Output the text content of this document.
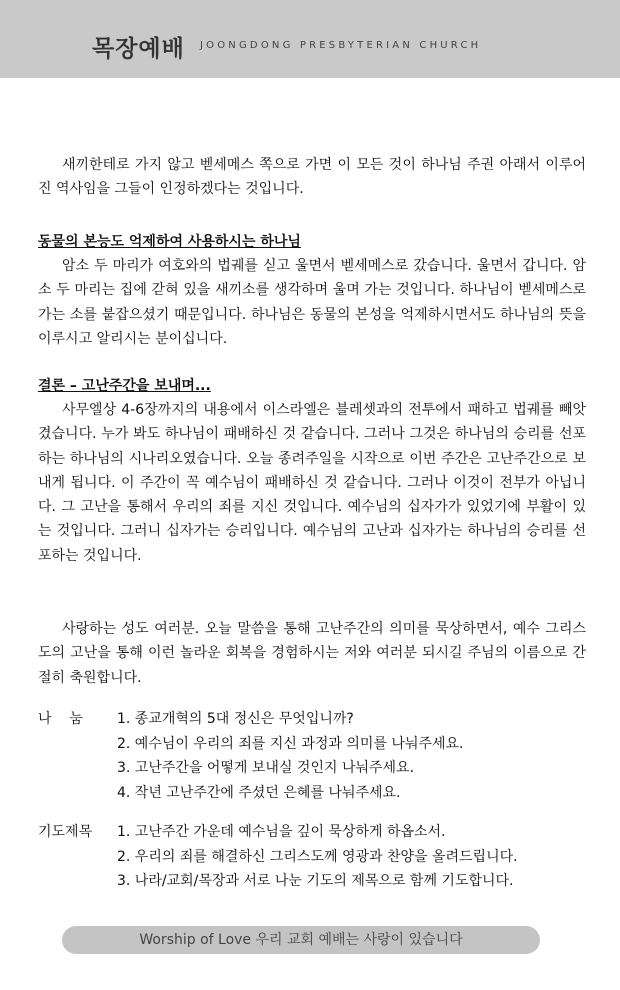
목장예배 JOONGDONG PRESBYTERIAN CHURCH
새끼한테로 가지 않고 벧세메스 쪽으로 가면 이 모든 것이 하나님 주권 아래서 이루어진 역사임을 그들이 인정하겠다는 것입니다.
동물의 본능도 억제하여 사용하시는 하나님
암소 두 마리가 여호와의 법궤를 싣고 울면서 벧세메스로 갔습니다. 울면서 갑니다. 암소 두 마리는 집에 갇혀 있을 새끼소를 생각하며 울며 가는 것입니다. 하나님이 벧세메스로 가는 소를 붙잡으셨기 때문입니다. 하나님은 동물의 본성을 억제하시면서도 하나님의 뜻을 이루시고 알리시는 분이십니다.
결론 – 고난주간을 보내며...
사무엘상 4-6장까지의 내용에서 이스라엘은 블레셋과의 전투에서 패하고 법궤를 빼앗겼습니다. 누가 봐도 하나님이 패배하신 것 같습니다. 그러나 그것은 하나님의 승리를 선포하는 하나님의 시나리오였습니다. 오늘 종려주일을 시작으로 이번 주간은 고난주간으로 보내게 됩니다. 이 주간이 꼭 예수님이 패배하신 것 같습니다. 그러나 이것이 전부가 아닙니다. 그 고난을 통해서 우리의 죄를 지신 것입니다. 예수님의 십자가가 있었기에 부활이 있는 것입니다. 그러니 십자가는 승리입니다. 예수님의 고난과 십자가는 하나님의 승리를 선포하는 것입니다.
사랑하는 성도 여러분. 오늘 말씀을 통해 고난주간의 의미를 묵상하면서, 예수 그리스도의 고난을 통해 이런 놀라운 회복을 경험하시는 저와 여러분 되시길 주님의 이름으로 간절히 축원합니다.
나    눔 1. 종교개혁의 5대 정신은 무엇입니까?
2. 예수님이 우리의 죄를 지신 과정과 의미를 나눠주세요.
3. 고난주간을 어떻게 보내실 것인지 나눠주세요.
4. 작년 고난주간에 주셨던 은혜를 나눠주세요.
기도제목 1. 고난주간 가운데 예수님을 깊이 묵상하게 하옵소서.
2. 우리의 죄를 해결하신 그리스도께 영광과 찬양을 올려드립니다.
3. 나라/교회/목장과 서로 나눈 기도의 제목으로 함께 기도합니다.
Worship of Love 우리 교회 예배는 사랑이 있습니다
